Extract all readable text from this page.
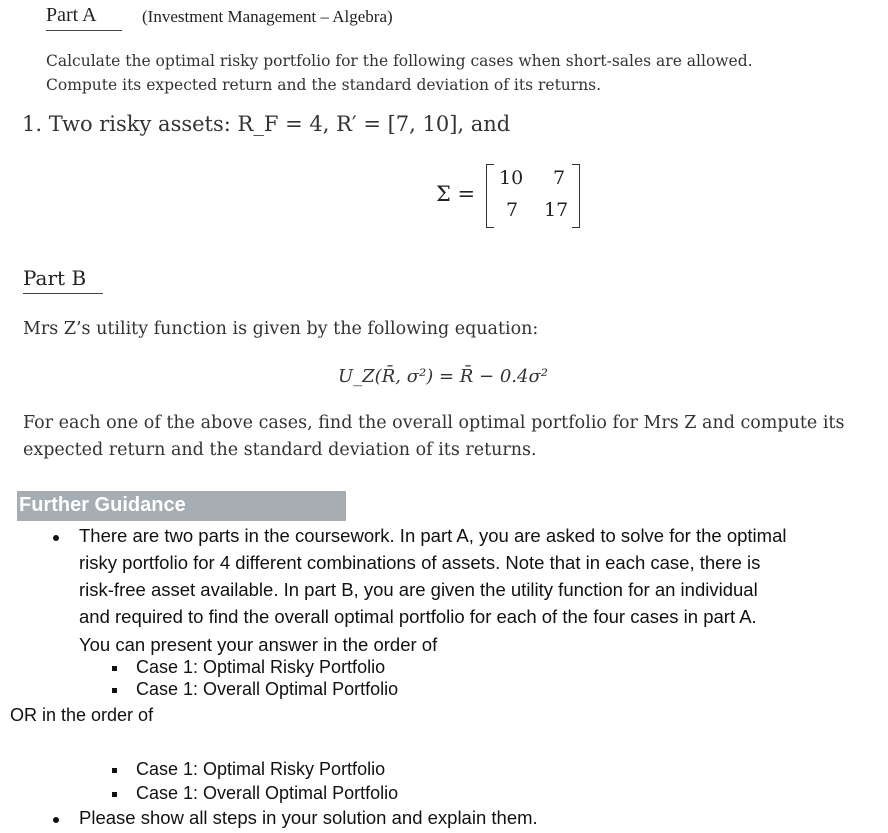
Part A	(Investment Management – Algebra)
Calculate the optimal risky portfolio for the following cases when short-sales are allowed.
Compute its expected return and the standard deviation of its returns.
1. Two risky assets: R_F = 4, R′ = [7, 10], and
Σ =
10 7
7 17
Part B
Mrs Z’s utility function is given by the following equation:
U_Z(R̄, σ²) = R̄ − 0.4σ²
For each one of the above cases, find the overall optimal portfolio for Mrs Z and compute its
expected return and the standard deviation of its returns.
Further Guidance
There are two parts in the coursework. In part A, you are asked to solve for the optimal
risky portfolio for 4 different combinations of assets. Note that in each case, there is
risk-free asset available. In part B, you are given the utility function for an individual
and required to find the overall optimal portfolio for each of the four cases in part A.
You can present your answer in the order of
Case 1: Optimal Risky Portfolio
Case 1: Overall Optimal Portfolio
OR in the order of
Case 1: Optimal Risky Portfolio
Case 1: Overall Optimal Portfolio
Please show all steps in your solution and explain them.
